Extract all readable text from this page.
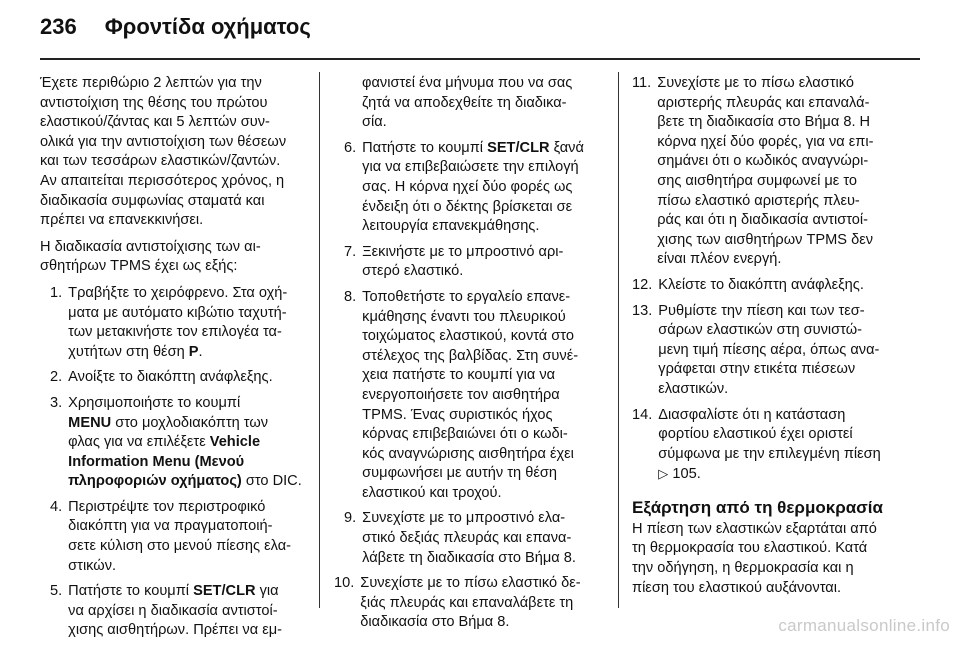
236 Φροντίδα οχήματος
Έχετε περιθώριο 2 λεπτών για την
αντιστοίχιση της θέσης του πρώτου
ελαστικού/ζάντας και 5 λεπτών συν-
ολικά για την αντιστοίχιση των θέσεων
και των τεσσάρων ελαστικών/ζαντών.
Αν απαιτείται περισσότερος χρόνος, η
διαδικασία συμφωνίας σταματά και
πρέπει να επανεκκινήσει.
Η διαδικασία αντιστοίχισης των αι-
σθητήρων TPMS έχει ως εξής:
1. Τραβήξτε το χειρόφρενο. Στα οχή-
ματα με αυτόματο κιβώτιο ταχυτή-
των μετακινήστε τον επιλογέα τα-
χυτήτων στη θέση P.
2. Ανοίξτε το διακόπτη ανάφλεξης.
3. Χρησιμοποιήστε το κουμπί
MENU στο μοχλοδιακόπτη των
φλας για να επιλέξετε Vehicle
Information Menu (Μενού
πληροφοριών οχήματος) στο DIC.
4. Περιστρέψτε τον περιστροφικό
διακόπτη για να πραγματοποιή-
σετε κύλιση στο μενού πίεσης ελα-
στικών.
5. Πατήστε το κουμπί SET/CLR για
να αρχίσει η διαδικασία αντιστοί-
χισης αισθητήρων. Πρέπει να εμ-
φανιστεί ένα μήνυμα που να σας
ζητά να αποδεχθείτε τη διαδικα-
σία.
6. Πατήστε το κουμπί SET/CLR ξανά
για να επιβεβαιώσετε την επιλογή
σας. Η κόρνα ηχεί δύο φορές ως
ένδειξη ότι ο δέκτης βρίσκεται σε
λειτουργία επανεκμάθησης.
7. Ξεκινήστε με το μπροστινό αρι-
στερό ελαστικό.
8. Τοποθετήστε το εργαλείο επανε-
κμάθησης έναντι του πλευρικού
τοιχώματος ελαστικού, κοντά στο
στέλεχος της βαλβίδας. Στη συνέ-
χεια πατήστε το κουμπί για να
ενεργοποιήσετε τον αισθητήρα
TPMS. Ένας συριστικός ήχος
κόρνας επιβεβαιώνει ότι ο κωδι-
κός αναγνώρισης αισθητήρα έχει
συμφωνήσει με αυτήν τη θέση
ελαστικού και τροχού.
9. Συνεχίστε με το μπροστινό ελα-
στικό δεξιάς πλευράς και επανα-
λάβετε τη διαδικασία στο Βήμα 8.
10. Συνεχίστε με το πίσω ελαστικό δε-
ξιάς πλευράς και επαναλάβετε τη
διαδικασία στο Βήμα 8.
11. Συνεχίστε με το πίσω ελαστικό
αριστερής πλευράς και επαναλά-
βετε τη διαδικασία στο Βήμα 8. Η
κόρνα ηχεί δύο φορές, για να επι-
σημάνει ότι ο κωδικός αναγνώρι-
σης αισθητήρα συμφωνεί με το
πίσω ελαστικό αριστερής πλευ-
ράς και ότι η διαδικασία αντιστοί-
χισης των αισθητήρων TPMS δεν
είναι πλέον ενεργή.
12. Κλείστε το διακόπτη ανάφλεξης.
13. Ρυθμίστε την πίεση και των τεσ-
σάρων ελαστικών στη συνιστώ-
μενη τιμή πίεσης αέρα, όπως ανα-
γράφεται στην ετικέτα πιέσεων
ελαστικών.
14. Διασφαλίστε ότι η κατάσταση
φορτίου ελαστικού έχει οριστεί
σύμφωνα με την επιλεγμένη πίεση
▷ 105.
Εξάρτηση από τη θερμοκρασία
Η πίεση των ελαστικών εξαρτάται από
τη θερμοκρασία του ελαστικού. Κατά
την οδήγηση, η θερμοκρασία και η
πίεση του ελαστικού αυξάνονται.
carmanualsonline.info
